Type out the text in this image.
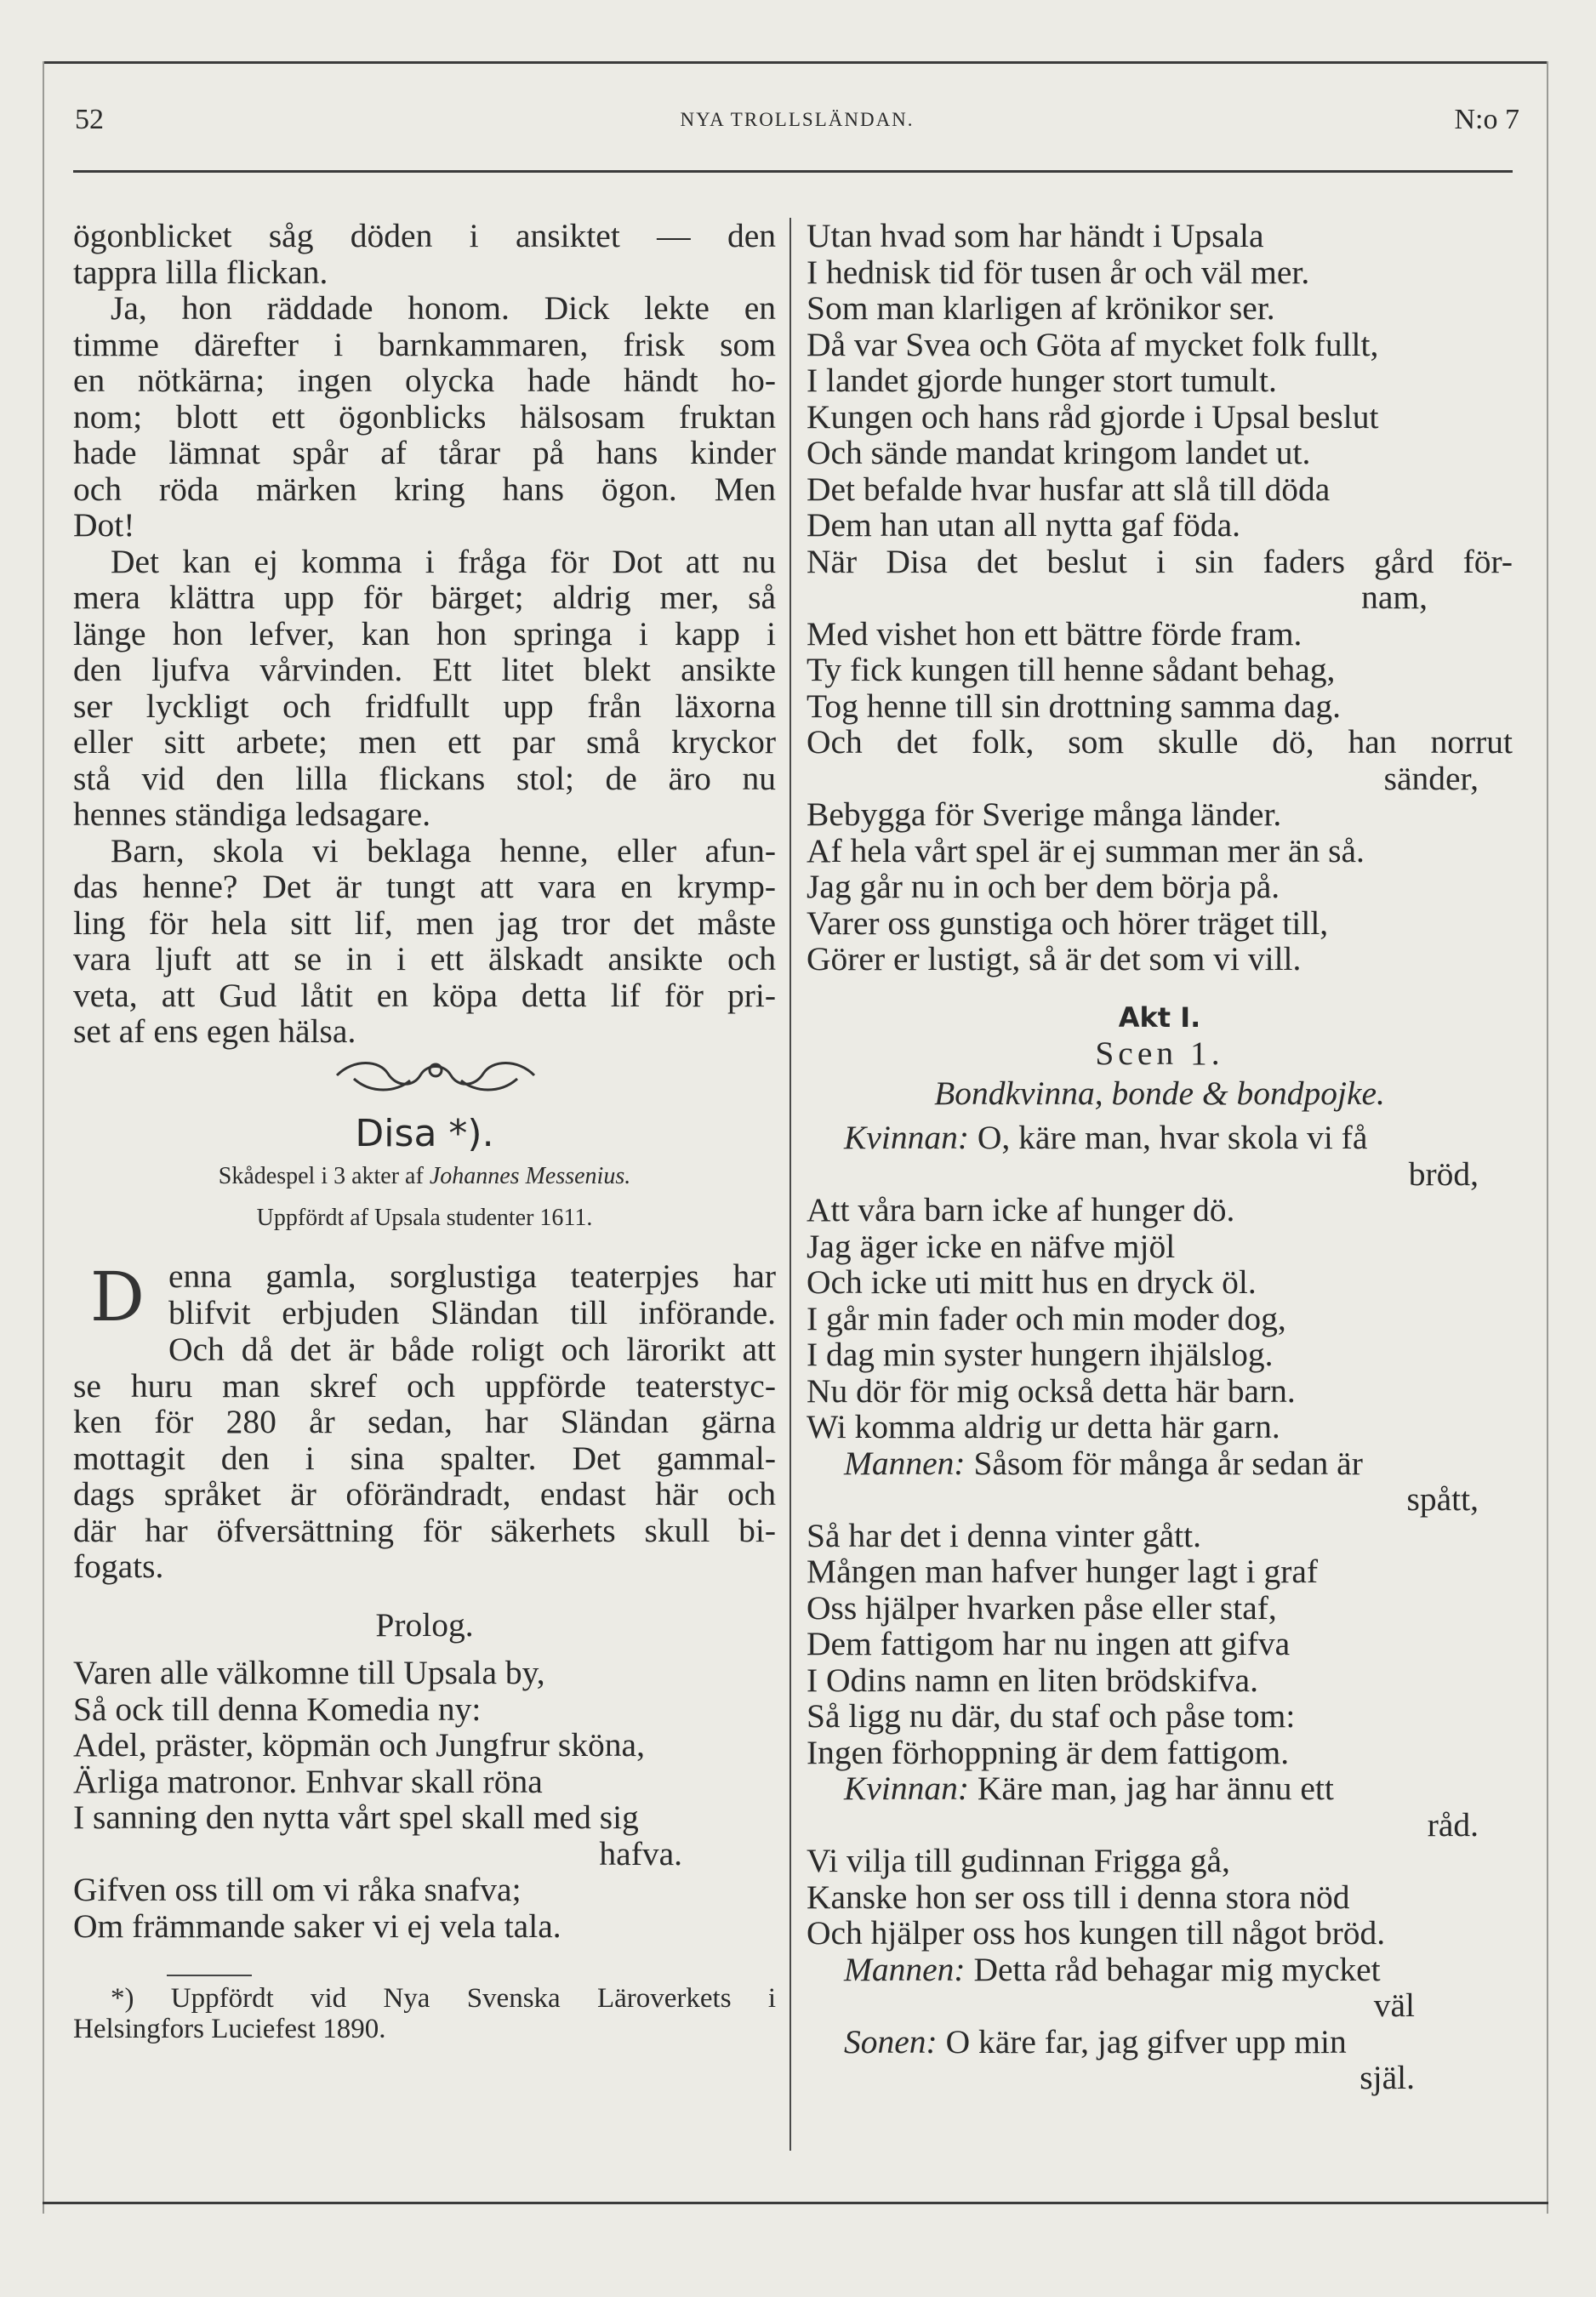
52	NYA TROLLSLÄNDAN.	N:o 7

ögonblicket såg döden i ansiktet — den

tappra lilla flickan.

Ja, hon räddade honom. Dick lekte en

timme därefter i barnkammaren, frisk som

en nötkärna; ingen olycka hade händt ho-

nom; blott ett ögonblicks hälsosam fruktan

hade lämnat spår af tårar på hans kinder

och röda märken kring hans ögon. Men

Dot!

Det kan ej komma i fråga för Dot att nu

mera klättra upp för bärget; aldrig mer, så

länge hon lefver, kan hon springa i kapp i

den ljufva vårvinden. Ett litet blekt ansikte

ser lyckligt och fridfullt upp från läxorna

eller sitt arbete; men ett par små kryckor

stå vid den lilla flickans stol; de äro nu

hennes ständiga ledsagare.

Barn, skola vi beklaga henne, eller afun-

das henne? Det är tungt att vara en krymp-

ling för hela sitt lif, men jag tror det måste

vara ljuft att se in i ett älskadt ansikte och

veta, att Gud låtit en köpa detta lif för pri-

set af ens egen hälsa.

Disa *).

Skådespel i 3 akter af Johannes Messenius.

Uppfördt af Upsala studenter 1611.

D enna gamla, sorglustiga teaterpjes har

blifvit erbjuden Sländan till införande.

Och då det är både roligt och lärorikt att

se huru man skref och uppförde teaterstyc-

ken för 280 år sedan, har Sländan gärna

mottagit den i sina spalter. Det gammal-

dags språket är oförändradt, endast här och

där har öfversättning för säkerhets skull bi-

fogats.

Prolog.

Varen alle välkomne till Upsala by,

Så ock till denna Komedia ny:

Adel, präster, köpmän och Jungfrur sköna,

Ärliga matronor. Enhvar skall röna

I sanning den nytta vårt spel skall med sig

hafva.

Gifven oss till om vi råka snafva;

Om främmande saker vi ej vela tala.

*) Uppfördt vid Nya Svenska Läroverkets i

Helsingfors Luciefest 1890.

Utan hvad som har händt i Upsala

I hednisk tid för tusen år och väl mer.

Som man klarligen af krönikor ser.

Då var Svea och Göta af mycket folk fullt,

I landet gjorde hunger stort tumult.

Kungen och hans råd gjorde i Upsal beslut

Och sände mandat kringom landet ut.

Det befalde hvar husfar att slå till döda

Dem han utan all nytta gaf föda.

När Disa det beslut i sin faders gård för-

nam,

Med vishet hon ett bättre förde fram.

Ty fick kungen till henne sådant behag,

Tog henne till sin drottning samma dag.

Och det folk, som skulle dö, han norrut

sänder,

Bebygga för Sverige många länder.

Af hela vårt spel är ej summan mer än så.

Jag går nu in och ber dem börja på.

Varer oss gunstiga och hörer träget till,

Görer er lustigt, så är det som vi vill.

Akt I.

Scen 1.

Bondkvinna, bonde & bondpojke.

Kvinnan: O, käre man, hvar skola vi få

bröd,

Att våra barn icke af hunger dö.

Jag äger icke en näfve mjöl

Och icke uti mitt hus en dryck öl.

I går min fader och min moder dog,

I dag min syster hungern ihjälslog.

Nu dör för mig också detta här barn.

Wi komma aldrig ur detta här garn.

Mannen: Såsom för många år sedan är

spått,

Så har det i denna vinter gått.

Mången man hafver hunger lagt i graf

Oss hjälper hvarken påse eller staf,

Dem fattigom har nu ingen att gifva

I Odins namn en liten brödskifva.

Så ligg nu där, du staf och påse tom:

Ingen förhoppning är dem fattigom.

Kvinnan: Käre man, jag har ännu ett

råd.

Vi vilja till gudinnan Frigga gå,

Kanske hon ser oss till i denna stora nöd

Och hjälper oss hos kungen till något bröd.

Mannen: Detta råd behagar mig mycket

väl

Sonen: O käre far, jag gifver upp min

själ.
